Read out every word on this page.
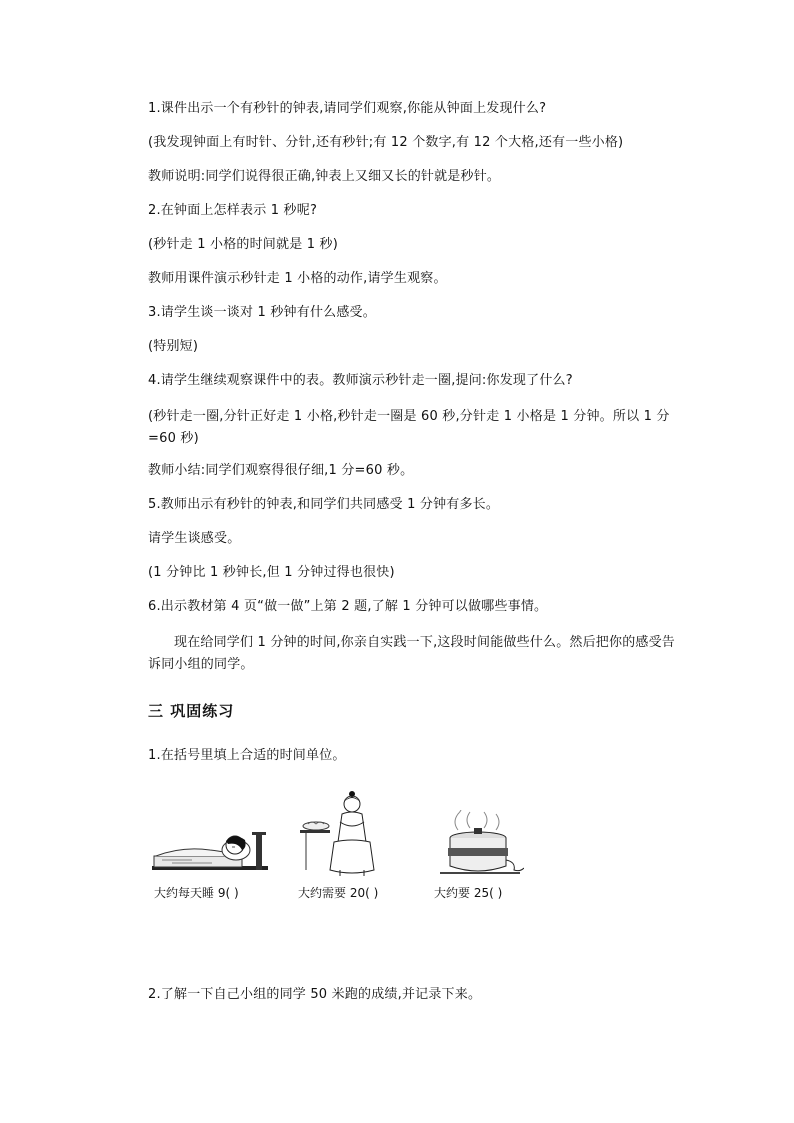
1.课件出示一个有秒针的钟表,请同学们观察,你能从钟面上发现什么?
(我发现钟面上有时针、分针,还有秒针;有 12 个数字,有 12 个大格,还有一些小格)
教师说明:同学们说得很正确,钟表上又细又长的针就是秒针。
2.在钟面上怎样表示 1 秒呢?
(秒针走 1 小格的时间就是 1 秒)
教师用课件演示秒针走 1 小格的动作,请学生观察。
3.请学生谈一谈对 1 秒钟有什么感受。
(特别短)
4.请学生继续观察课件中的表。教师演示秒针走一圈,提问:你发现了什么?
(秒针走一圈,分针正好走 1 小格,秒针走一圈是 60 秒,分针走 1 小格是 1 分钟。所以 1 分=60 秒)
教师小结:同学们观察得很仔细,1 分=60 秒。
5.教师出示有秒针的钟表,和同学们共同感受 1 分钟有多长。
请学生谈感受。
(1 分钟比 1 秒钟长,但 1 分钟过得也很快)
6.出示教材第 4 页“做一做”上第 2 题,了解 1 分钟可以做哪些事情。
现在给同学们 1 分钟的时间,你亲自实践一下,这段时间能做些什么。然后把你的感受告诉同小组的同学。
三 巩固练习
1.在括号里填上合适的时间单位。
大约每天睡 9( )	大约需要 20( )	大约要 25( )
2.了解一下自己小组的同学 50 米跑的成绩,并记录下来。
